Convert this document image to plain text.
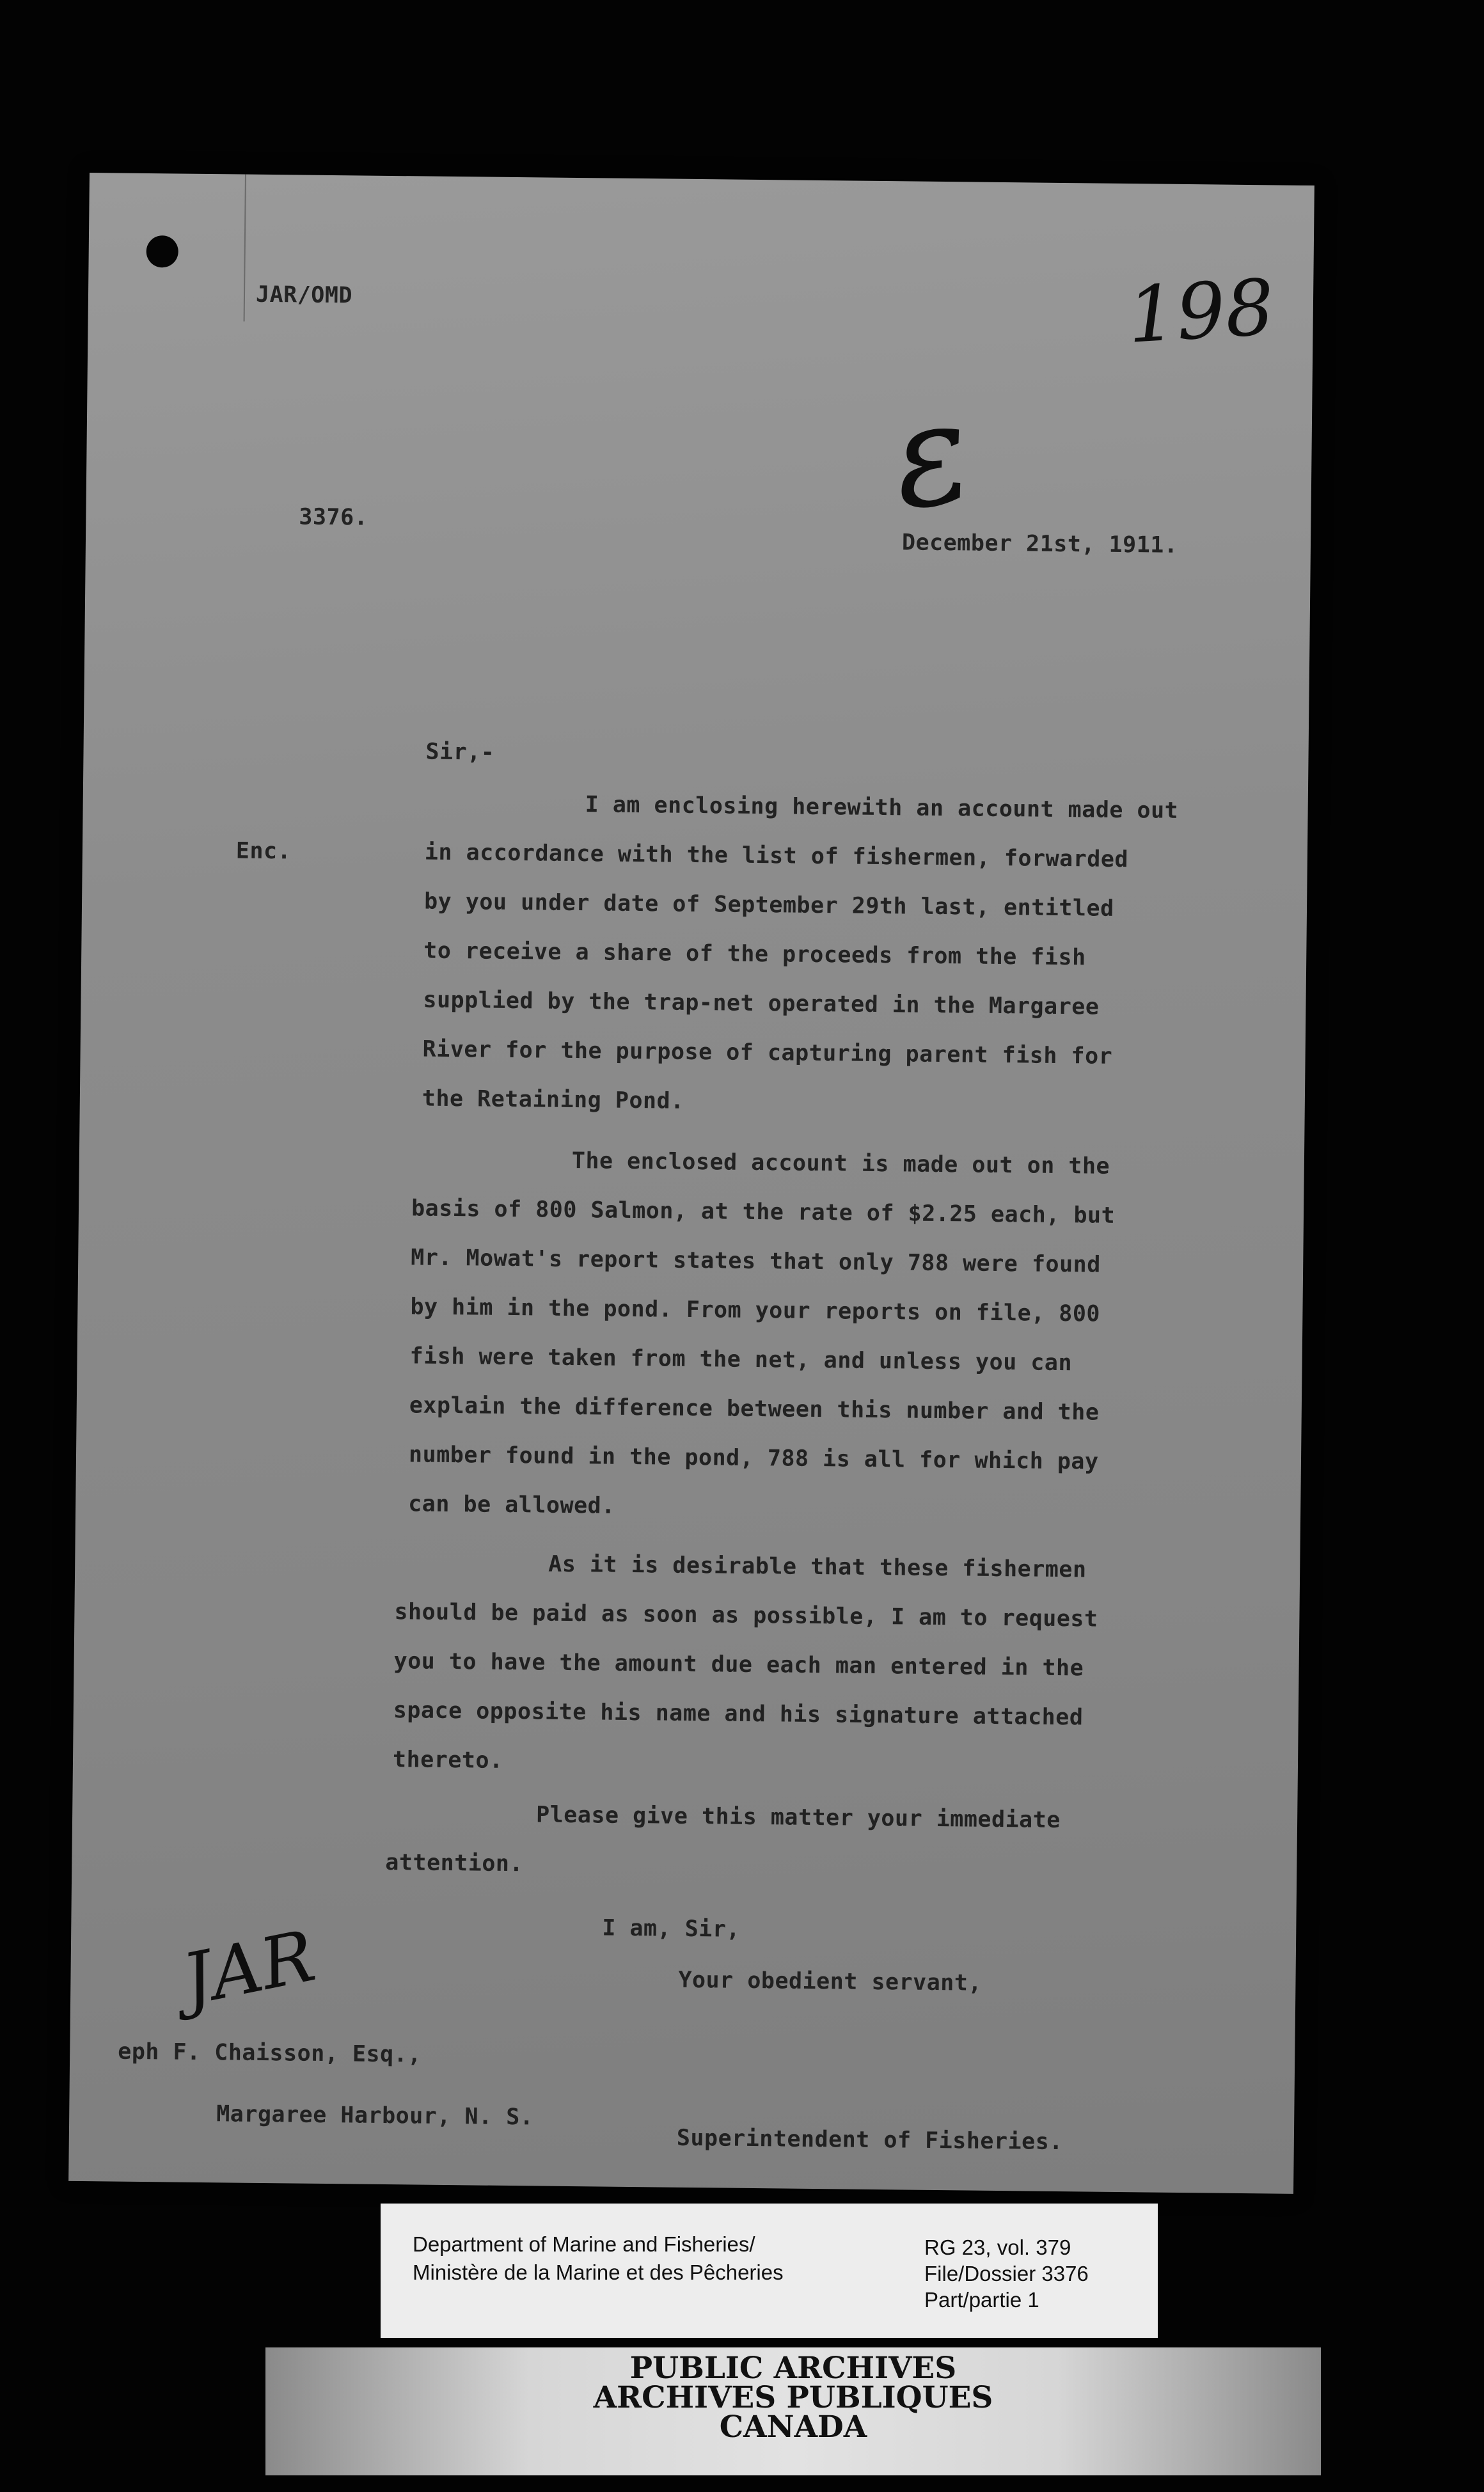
JAR/OMD	198
ε
3376.
December 21st, 1911.
Sir,-
Enc.
I am enclosing herewith an account made out
in accordance with the list of fishermen, forwarded
by you under date of September 29th last, entitled
to receive a share of the proceeds from the fish
supplied by the trap-net operated in the Margaree
River for the purpose of capturing parent fish for
the Retaining Pond.
The enclosed account is made out on the
basis of 800 Salmon, at the rate of $2.25 each, but
Mr. Mowat's report states that only 788 were found
by him in the pond. From your reports on file, 800
fish were taken from the net, and unless you can
explain the difference between this number and the
number found in the pond, 788 is all for which pay
can be allowed.
As it is desirable that these fishermen
should be paid as soon as possible, I am to request
you to have the amount due each man entered in the
space opposite his name and his signature attached
thereto.
Please give this matter your immediate
attention.
I am, Sir,
Your obedient servant,
JAR
eph F. Chaisson, Esq.,
Margaree Harbour, N. S.
Superintendent of Fisheries.
Department of Marine and Fisheries/
Ministère de la Marine et des Pêcheries
RG 23, vol. 379
File/Dossier 3376
Part/partie 1
PUBLIC ARCHIVES
ARCHIVES PUBLIQUES
CANADA
